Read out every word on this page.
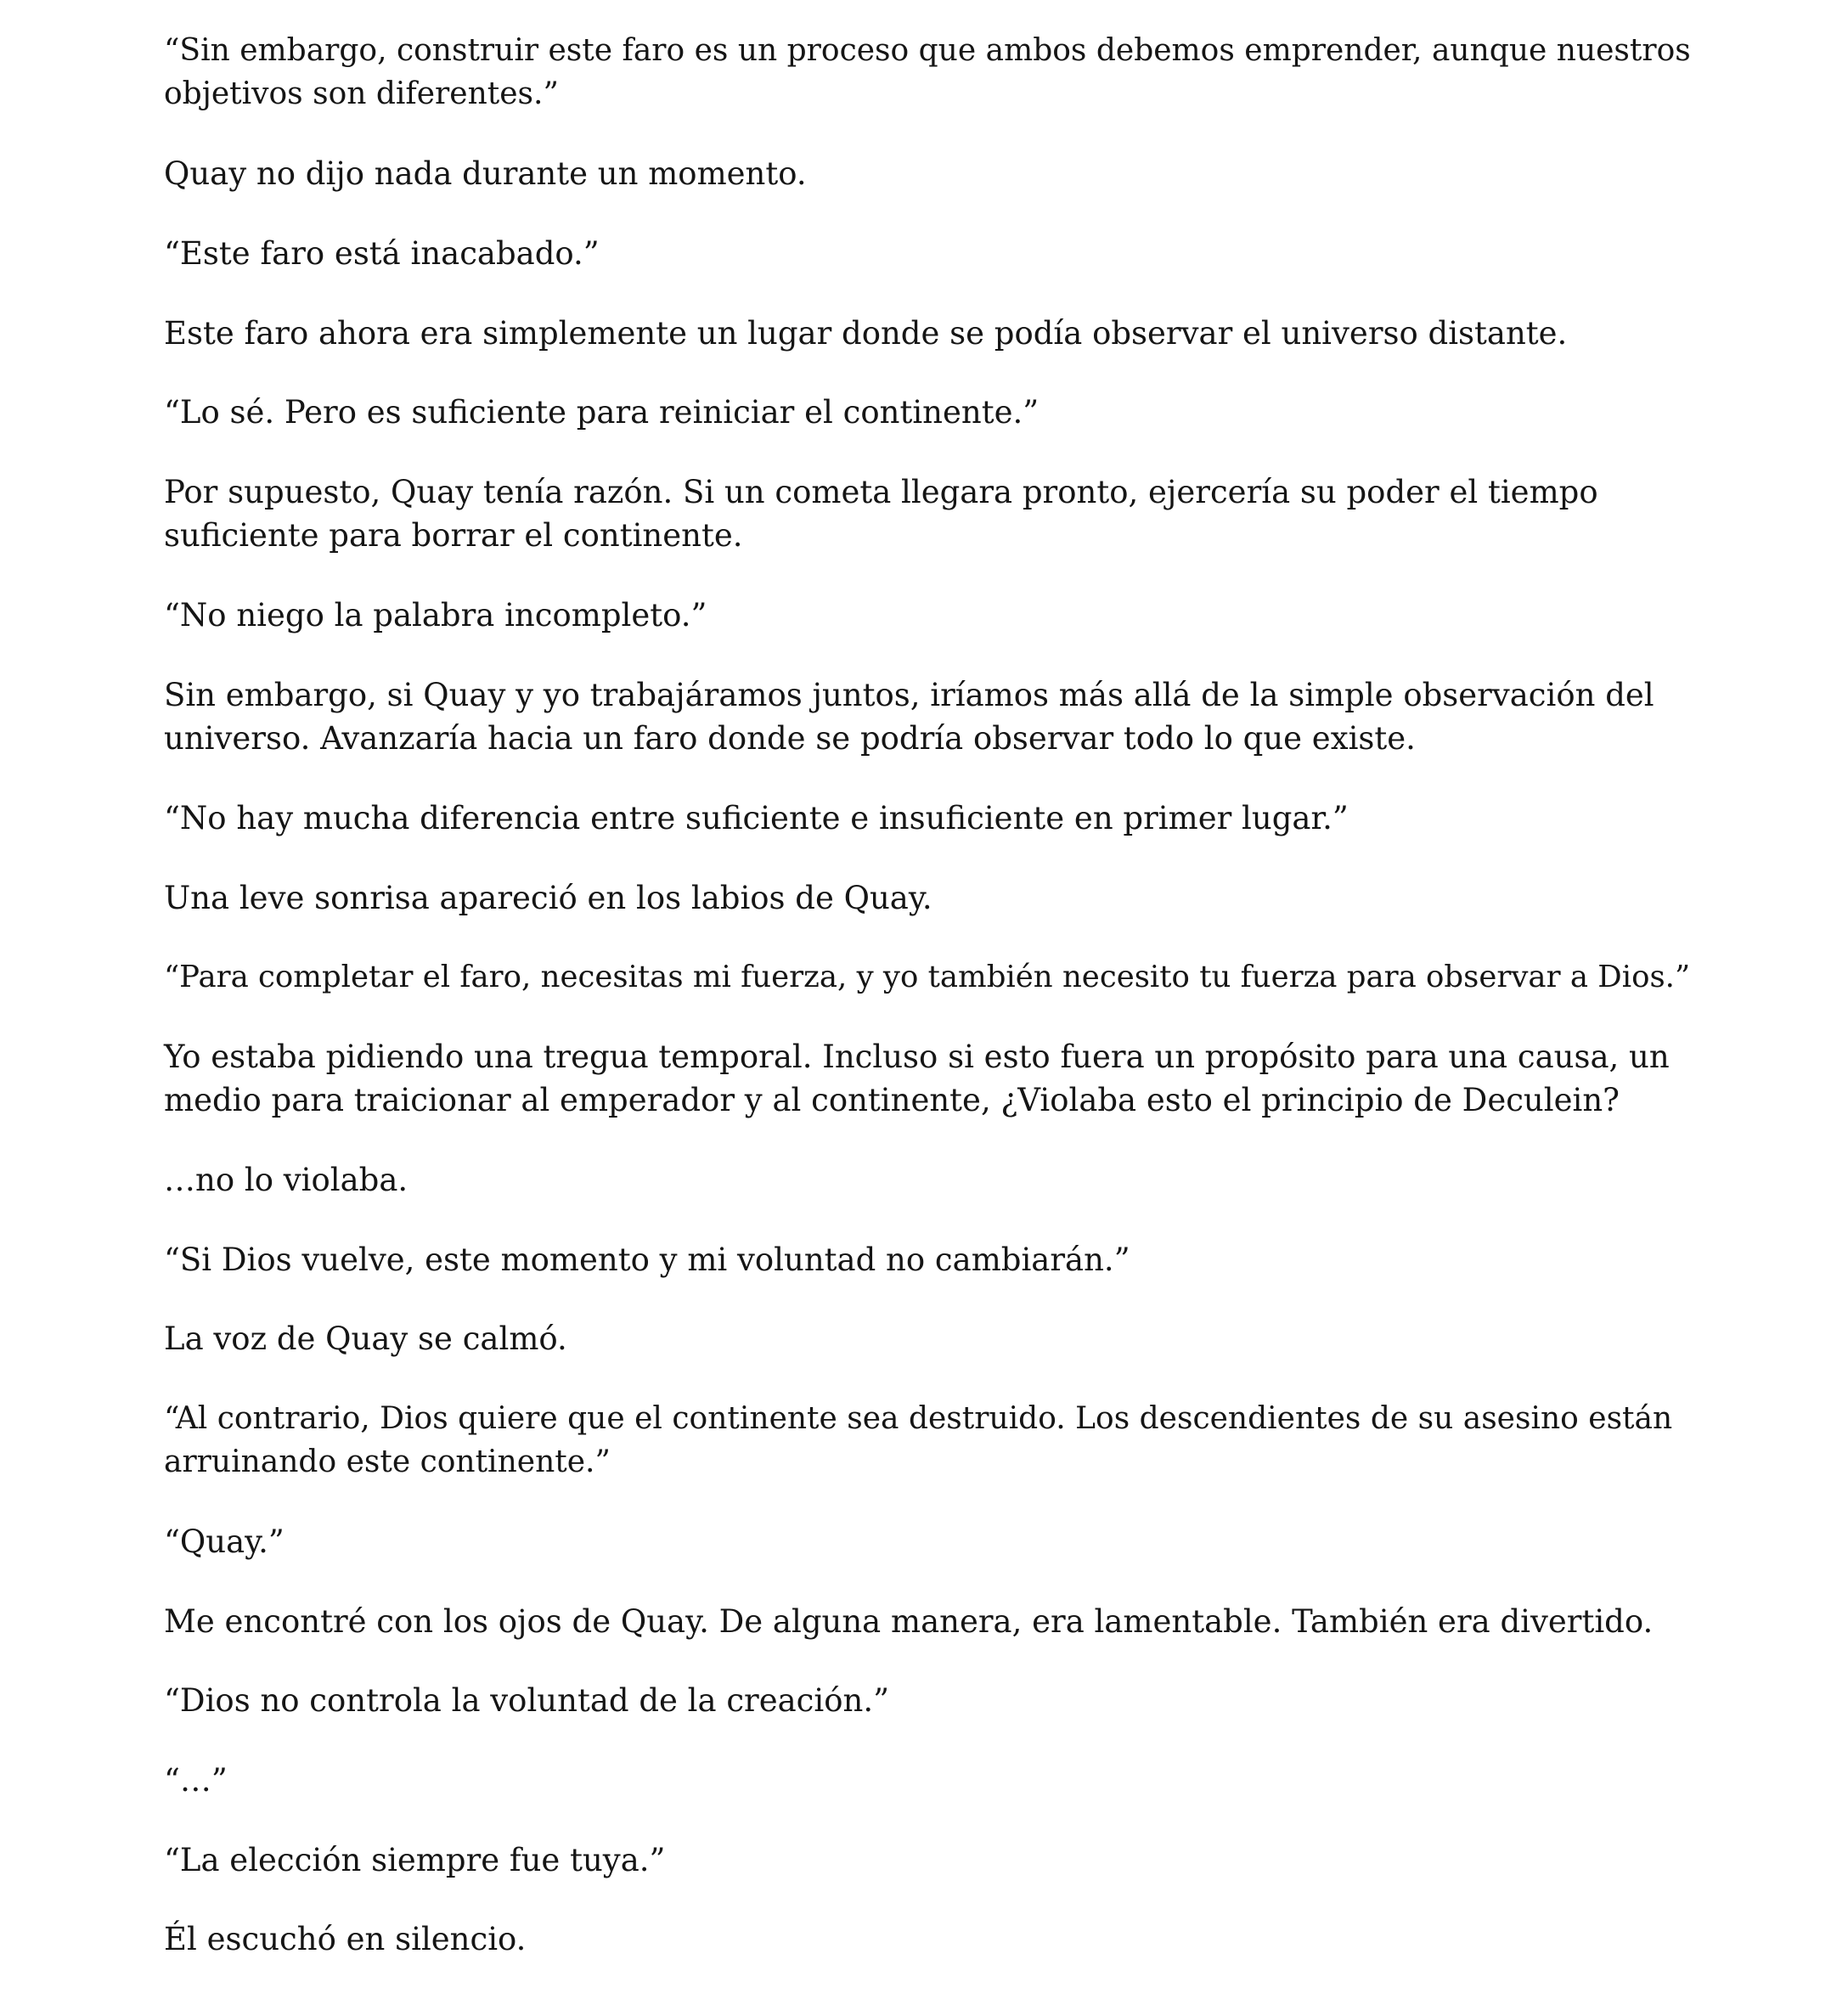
“Sin embargo, construir este faro es un proceso que ambos debemos emprender, aunque nuestros
objetivos son diferentes.”

Quay no dijo nada durante un momento.

“Este faro está inacabado.”

Este faro ahora era simplemente un lugar donde se podía observar el universo distante.

“Lo sé. Pero es suficiente para reiniciar el continente.”

Por supuesto, Quay tenía razón. Si un cometa llegara pronto, ejercería su poder el tiempo
suficiente para borrar el continente.

“No niego la palabra incompleto.”

Sin embargo, si Quay y yo trabajáramos juntos, iríamos más allá de la simple observación del
universo. Avanzaría hacia un faro donde se podría observar todo lo que existe.

“No hay mucha diferencia entre suficiente e insuficiente en primer lugar.”

Una leve sonrisa apareció en los labios de Quay.

“Para completar el faro, necesitas mi fuerza, y yo también necesito tu fuerza para observar a Dios.”

Yo estaba pidiendo una tregua temporal. Incluso si esto fuera un propósito para una causa, un
medio para traicionar al emperador y al continente, ¿Violaba esto el principio de Deculein?

…no lo violaba.

“Si Dios vuelve, este momento y mi voluntad no cambiarán.”

La voz de Quay se calmó.

“Al contrario, Dios quiere que el continente sea destruido. Los descendientes de su asesino están
arruinando este continente.”

“Quay.”

Me encontré con los ojos de Quay. De alguna manera, era lamentable. También era divertido.

“Dios no controla la voluntad de la creación.”

“…”

“La elección siempre fue tuya.”

Él escuchó en silencio.
